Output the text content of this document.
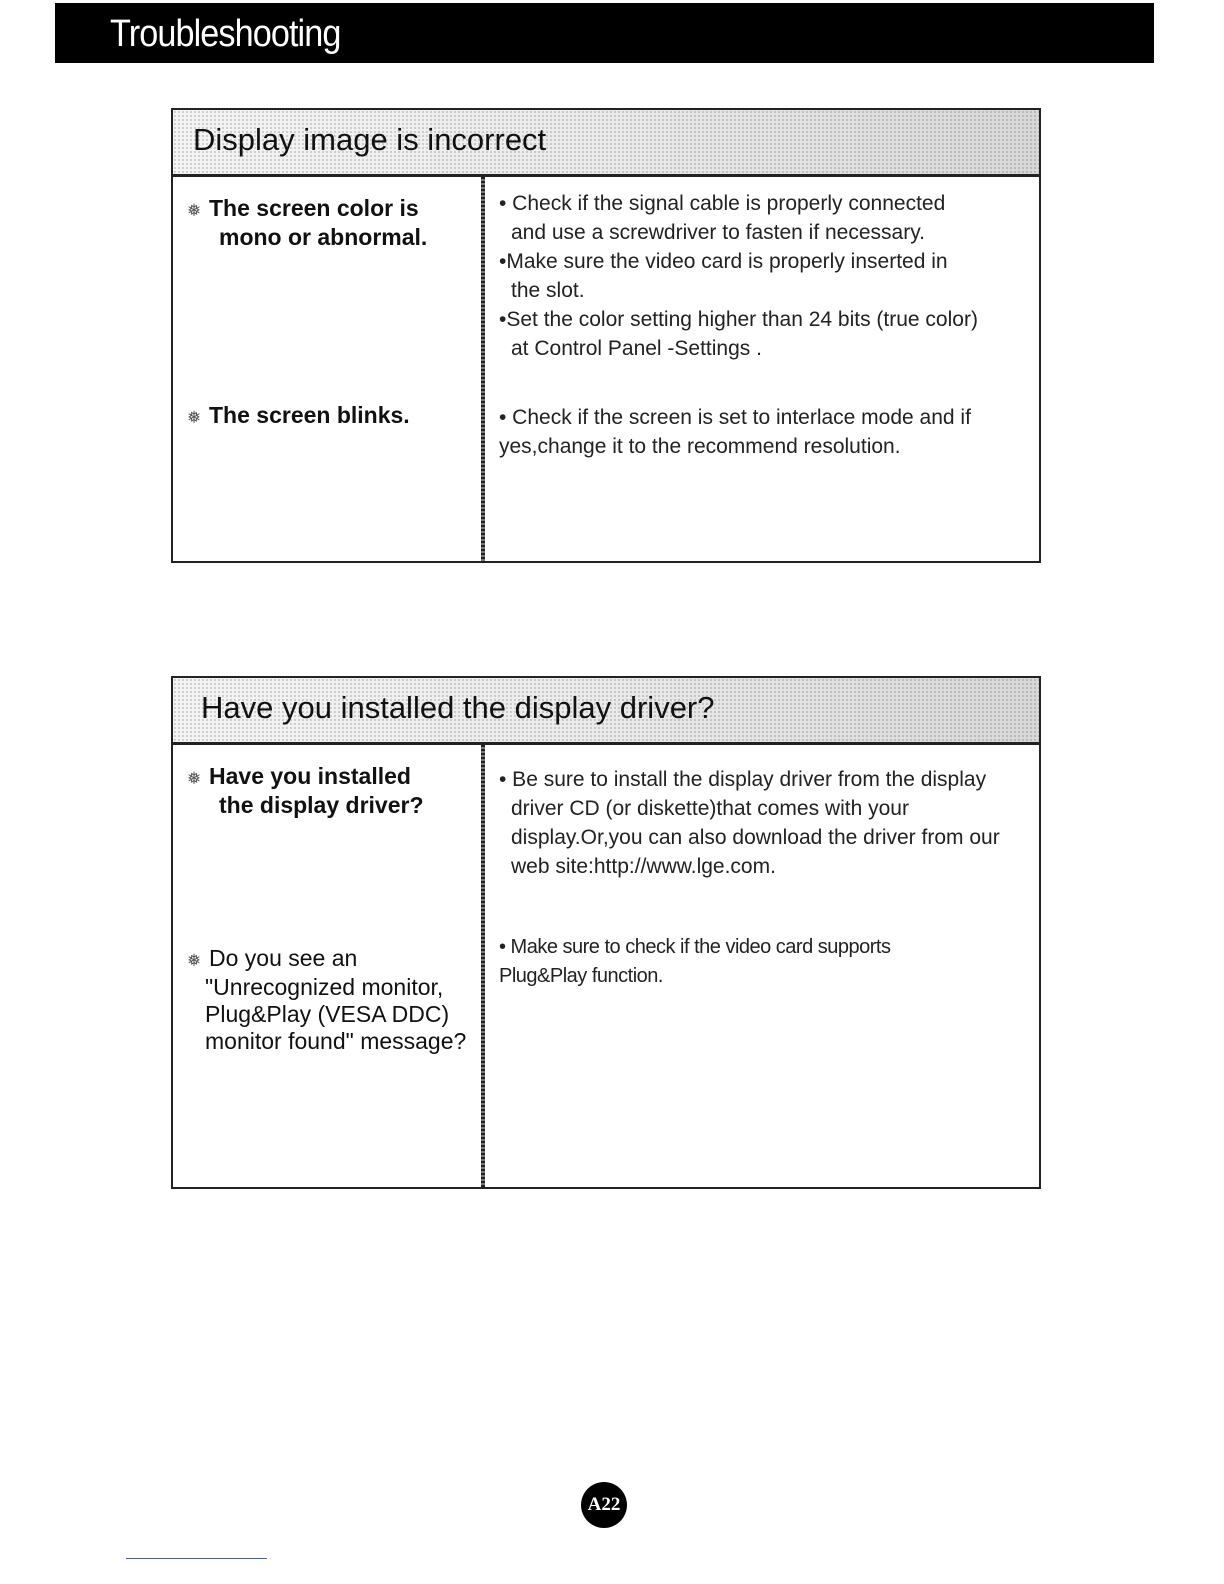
Troubleshooting
Display image is incorrect
❅ The screen color is
mono or abnormal.
• Check if the signal cable is properly connected
and use a screwdriver to fasten if necessary.
•Make sure the video card is properly inserted in
the slot.
•Set the color setting higher than 24 bits (true color)
at Control Panel -Settings .
❅ The screen blinks.	• Check if the screen is set to interlace mode and if yes,change it to the recommend resolution.
Have you installed the display driver?
❅ Have you installed
the display driver?
• Be sure to install the display driver from the display
driver CD (or diskette)that comes with your display.Or,you can also download the driver from our web site:http://www.lge.com.
❅ Do you see an
"Unrecognized monitor, Plug&Play (VESA DDC) monitor found" message?
• Make sure to check if the video card supports
Plug&Play function.
A22
